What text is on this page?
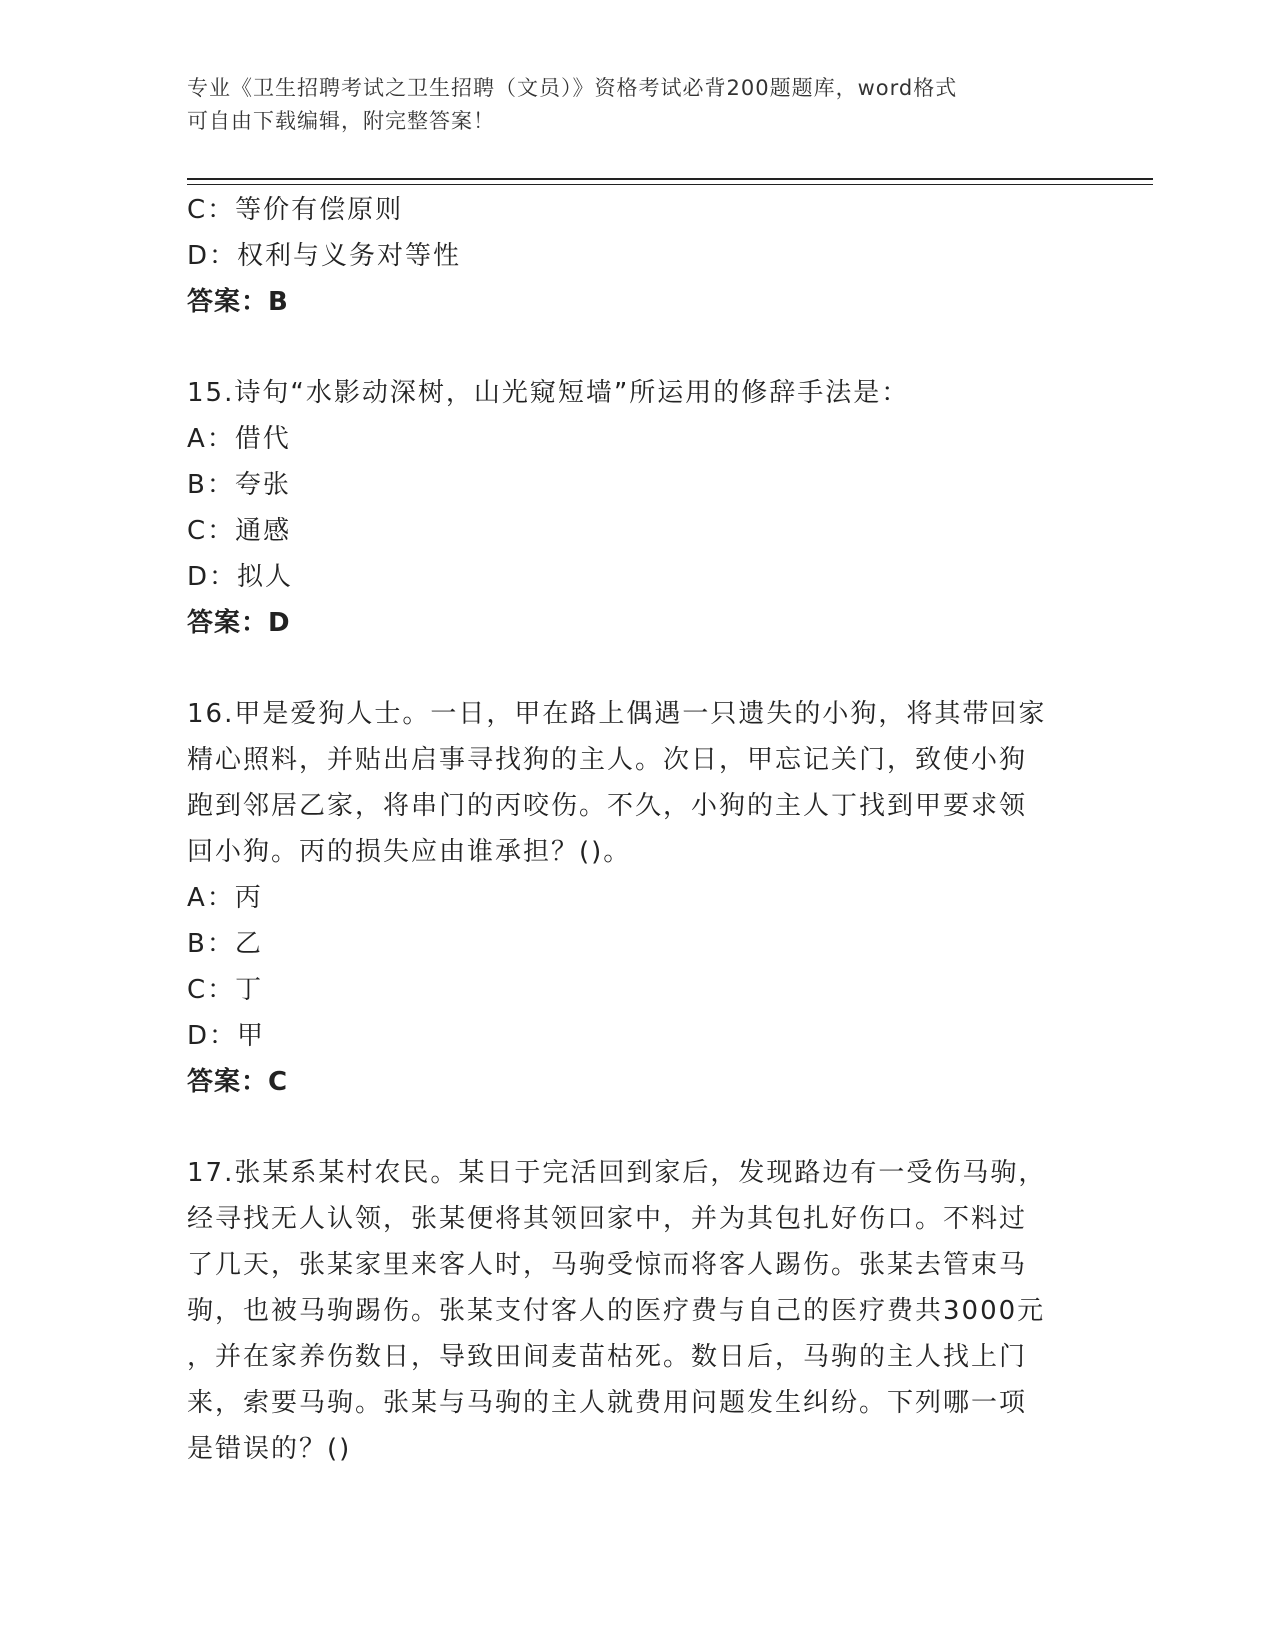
专业《卫生招聘考试之卫生招聘（文员）》资格考试必背200题题库，word格式
可自由下载编辑，附完整答案！
C：等价有偿原则
D：权利与义务对等性
答案：B
15.诗句“水影动深树，山光窥短墙”所运用的修辞手法是：
A：借代
B：夸张
C：通感
D：拟人
答案：D
16.甲是爱狗人士。一日，甲在路上偶遇一只遗失的小狗，将其带回家
精心照料，并贴出启事寻找狗的主人。次日，甲忘记关门，致使小狗
跑到邻居乙家，将串门的丙咬伤。不久，小狗的主人丁找到甲要求领
回小狗。丙的损失应由谁承担？()。
A：丙
B：乙
C：丁
D：甲
答案：C
17.张某系某村农民。某日于完活回到家后，发现路边有一受伤马驹，
经寻找无人认领，张某便将其领回家中，并为其包扎好伤口。不料过
了几天，张某家里来客人时，马驹受惊而将客人踢伤。张某去管束马
驹，也被马驹踢伤。张某支付客人的医疗费与自己的医疗费共3000元
，并在家养伤数日，导致田间麦苗枯死。数日后，马驹的主人找上门
来，索要马驹。张某与马驹的主人就费用问题发生纠纷。下列哪一项
是错误的？()
